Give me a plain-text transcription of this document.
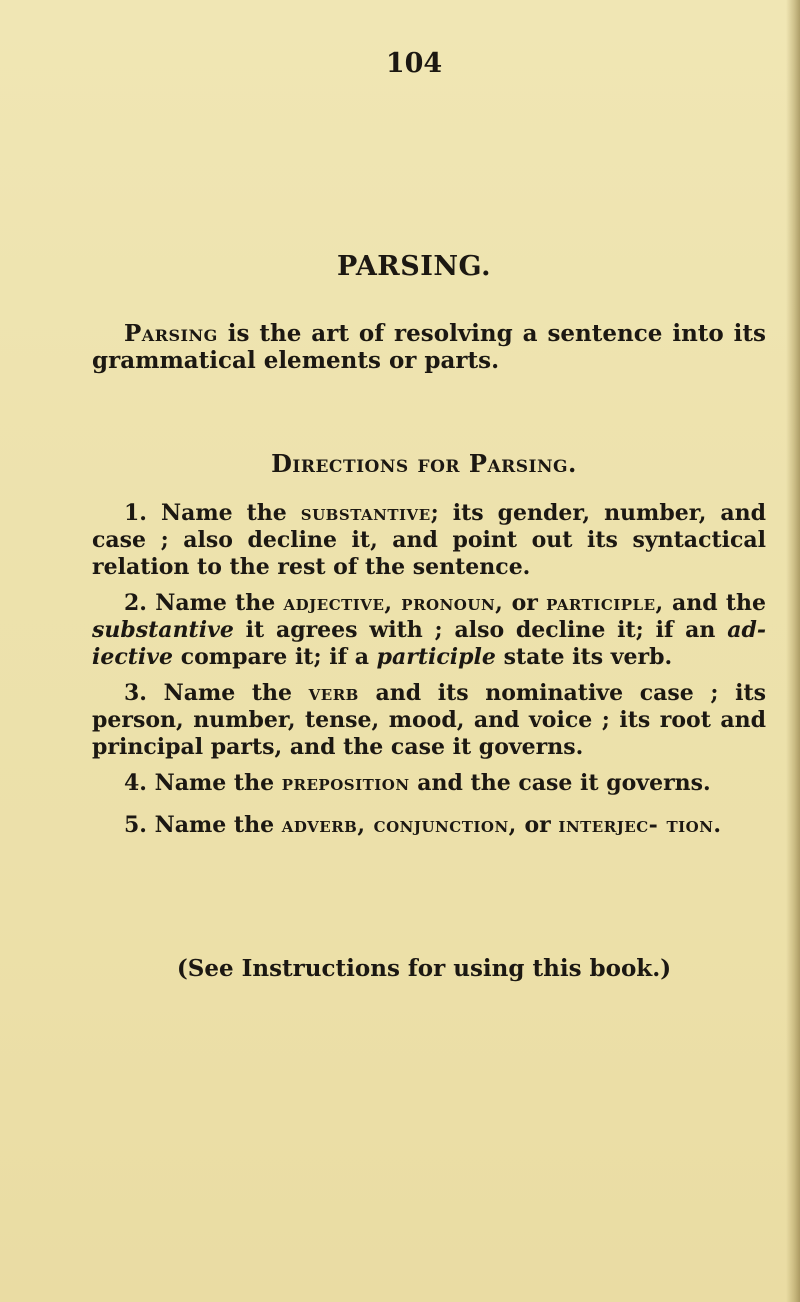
104
PARSING.
Parsing is the art of resolving a sentence into its grammatical elements or parts.
Directions for Parsing.
1. Name the substantive; its gender, number, and case ; also decline it, and point out its syntactical relation to the rest of the sentence.
2. Name the adjective, pronoun, or participle, and the substantive it agrees with ; also decline it; if an ad- iective compare it; if a participle state its verb.
3. Name the verb and its nominative case ; its person, number, tense, mood, and voice ; its root and principal parts, and the case it governs.
4. Name the preposition and the case it governs.
5. Name the adverb, conjunction, or interjec- tion.
(See Instructions for using this book.)
